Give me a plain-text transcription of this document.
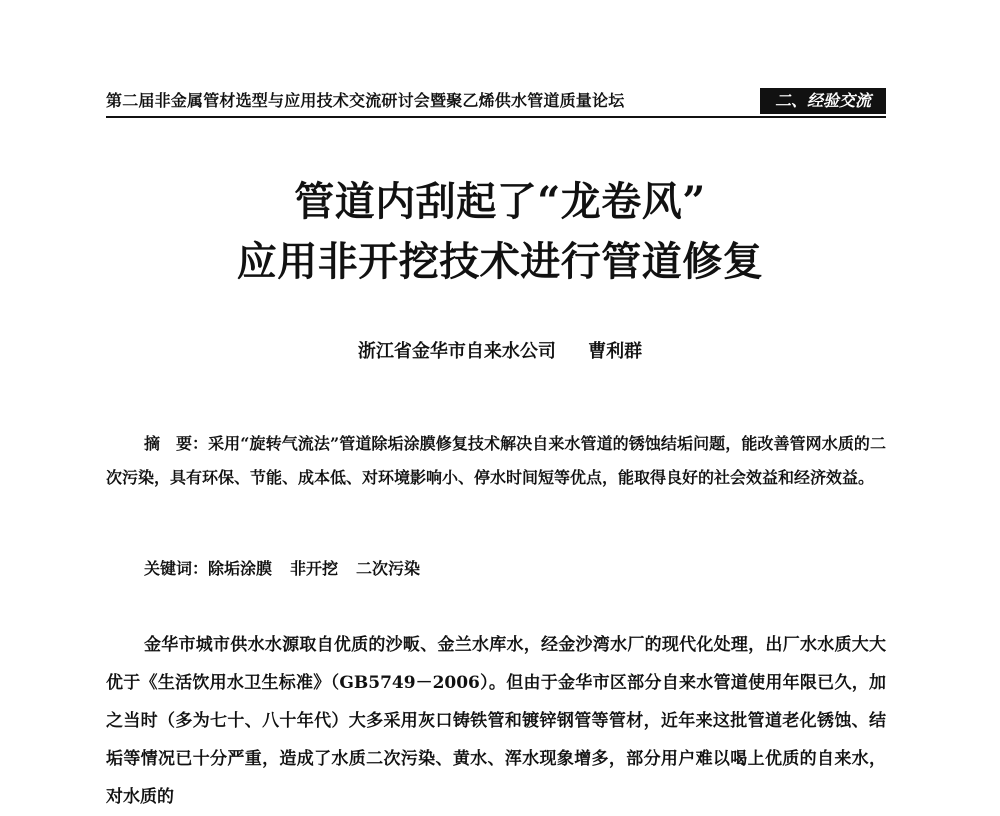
第二届非金属管材选型与应用技术交流研讨会暨聚乙烯供水管道质量论坛	二、经验交流
管道内刮起了“龙卷风”
应用非开挖技术进行管道修复
浙江省金华市自来水公司 曹利群
摘　要：采用“旋转气流法”管道除垢涂膜修复技术解决自来水管道的锈蚀结垢问题，能改善管网水质的二次污染，具有环保、节能、成本低、对环境影响小、停水时间短等优点，能取得良好的社会效益和经济效益。
关键词：除垢涂膜 非开挖 二次污染
金华市城市供水水源取自优质的沙畈、金兰水库水，经金沙湾水厂的现代化处理，出厂水水质大大优于《生活饮用水卫生标准》（GB5749－2006）。但由于金华市区部分自来水管道使用年限已久，加之当时（多为七十、八十年代）大多采用灰口铸铁管和镀锌钢管等管材，近年来这批管道老化锈蚀、结垢等情况已十分严重，造成了水质二次污染、黄水、浑水现象增多，部分用户难以喝上优质的自来水，对水质的
